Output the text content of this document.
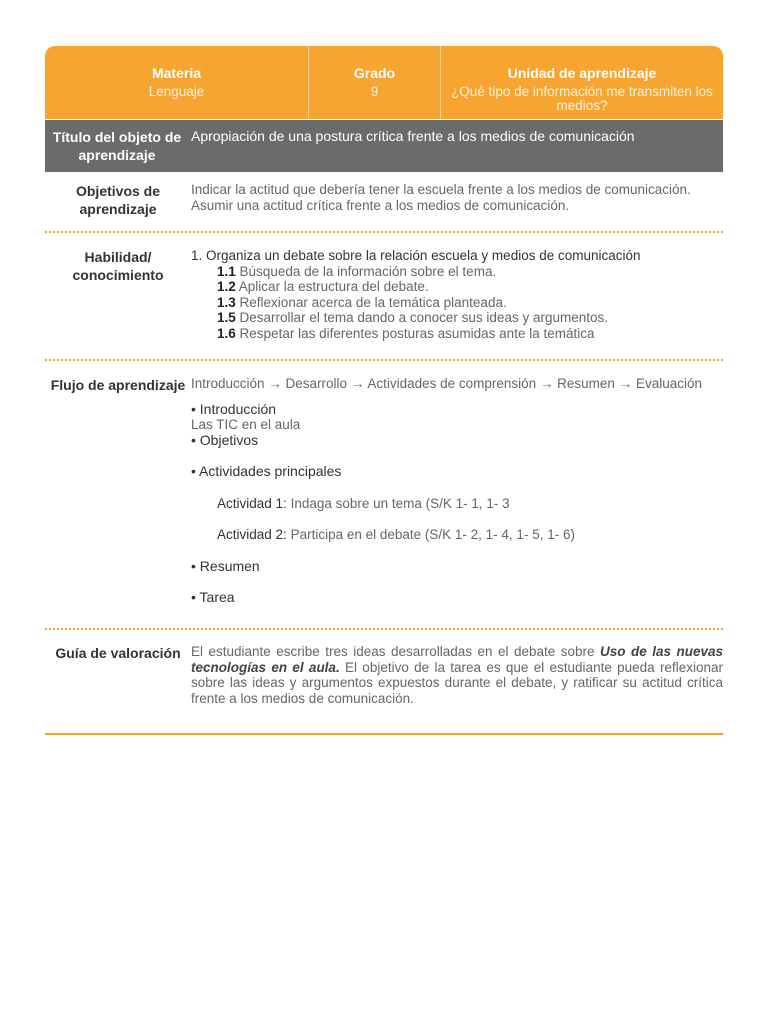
Materia
Lenguaje
Grado
9
Unidad de aprendizaje
¿Qué tipo de información me transmiten los medios?
Título del objeto de aprendizaje
Apropiación de una postura crítica frente a los medios de comunicación
Objetivos de aprendizaje
Indicar la actitud que debería tener la escuela frente a los medios de comunicación.
Asumir una actitud crítica frente a los medios de comunicación.
Habilidad/ conocimiento
1. Organiza un debate sobre la relación escuela y medios de comunicación
1.1 Búsqueda de la información sobre el tema.
1.2 Aplicar la estructura del debate.
1.3 Reflexionar acerca de la temática planteada.
1.5 Desarrollar el tema dando a conocer sus ideas y argumentos.
1.6 Respetar las diferentes posturas asumidas ante la temática
Flujo de aprendizaje Introducción → Desarrollo → Actividades de comprensión → Resumen → Evaluación
• Introducción
Las TIC en el aula
• Objetivos
• Actividades principales
Actividad 1: Indaga sobre un tema (S/K 1- 1, 1- 3
Actividad 2: Participa en el debate (S/K 1- 2, 1- 4, 1- 5, 1- 6)
• Resumen
• Tarea
Guía de valoración El estudiante escribe tres ideas desarrolladas en el debate sobre Uso de las nuevas tecnologías en el aula. El objetivo de la tarea es que el estudiante pueda reflexionar sobre las ideas y argumentos expuestos durante el debate, y ratificar su actitud crítica frente a los medios de comunicación.
